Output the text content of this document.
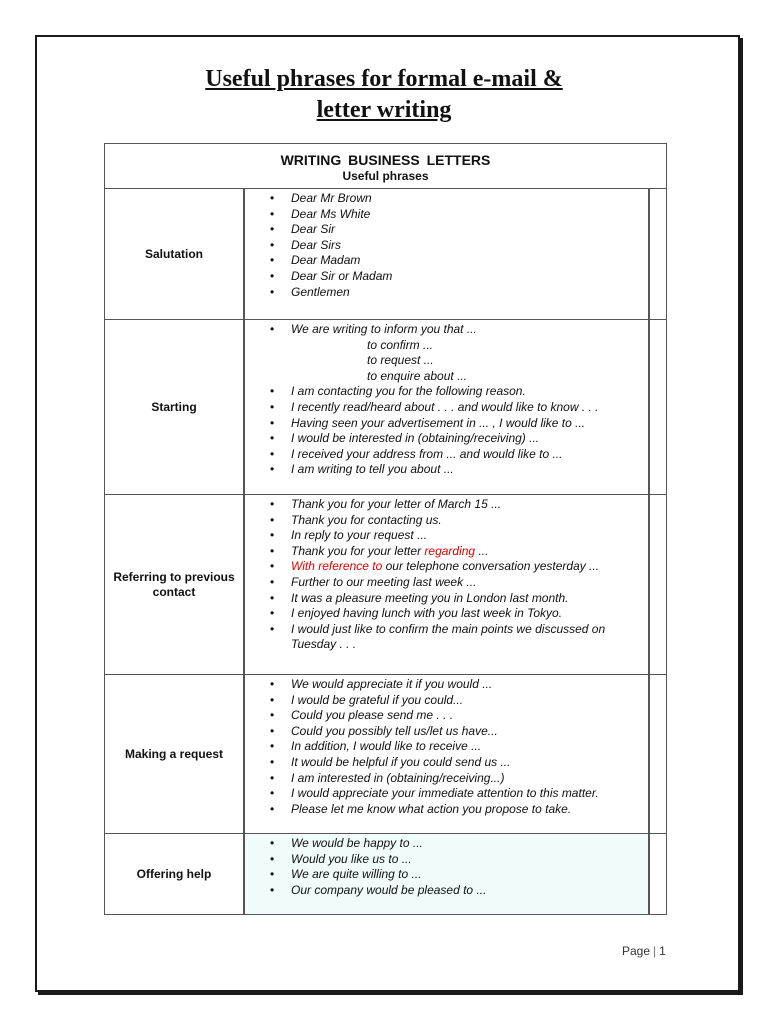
Useful phrases for formal e-mail &
letter writing
WRITING BUSINESS LETTERS
Useful phrases
Salutation
• Dear Mr Brown
• Dear Ms White
• Dear Sir
• Dear Sirs
• Dear Madam
• Dear Sir or Madam
• Gentlemen
Starting
• We are writing to inform you that ...
to confirm ...
to request ...
to enquire about ...
• I am contacting you for the following reason.
• I recently read/heard about . . . and would like to know . . .
• Having seen your advertisement in ... , I would like to ...
• I would be interested in (obtaining/receiving) ...
• I received your address from ... and would like to ...
• I am writing to tell you about ...
Referring to previous contact
• Thank you for your letter of March 15 ...
• Thank you for contacting us.
• In reply to your request ...
• Thank you for your letter regarding ...
• With reference to our telephone conversation yesterday ...
• Further to our meeting last week ...
• It was a pleasure meeting you in London last month.
• I enjoyed having lunch with you last week in Tokyo.
• I would just like to confirm the main points we discussed on Tuesday . . .
Making a request
• We would appreciate it if you would ...
• I would be grateful if you could...
• Could you please send me . . .
• Could you possibly tell us/let us have...
• In addition, I would like to receive ...
• It would be helpful if you could send us ...
• I am interested in (obtaining/receiving...)
• I would appreciate your immediate attention to this matter.
• Please let me know what action you propose to take.
Offering help
• We would be happy to ...
• Would you like us to ...
• We are quite willing to ...
• Our company would be pleased to ...
Page | 1
